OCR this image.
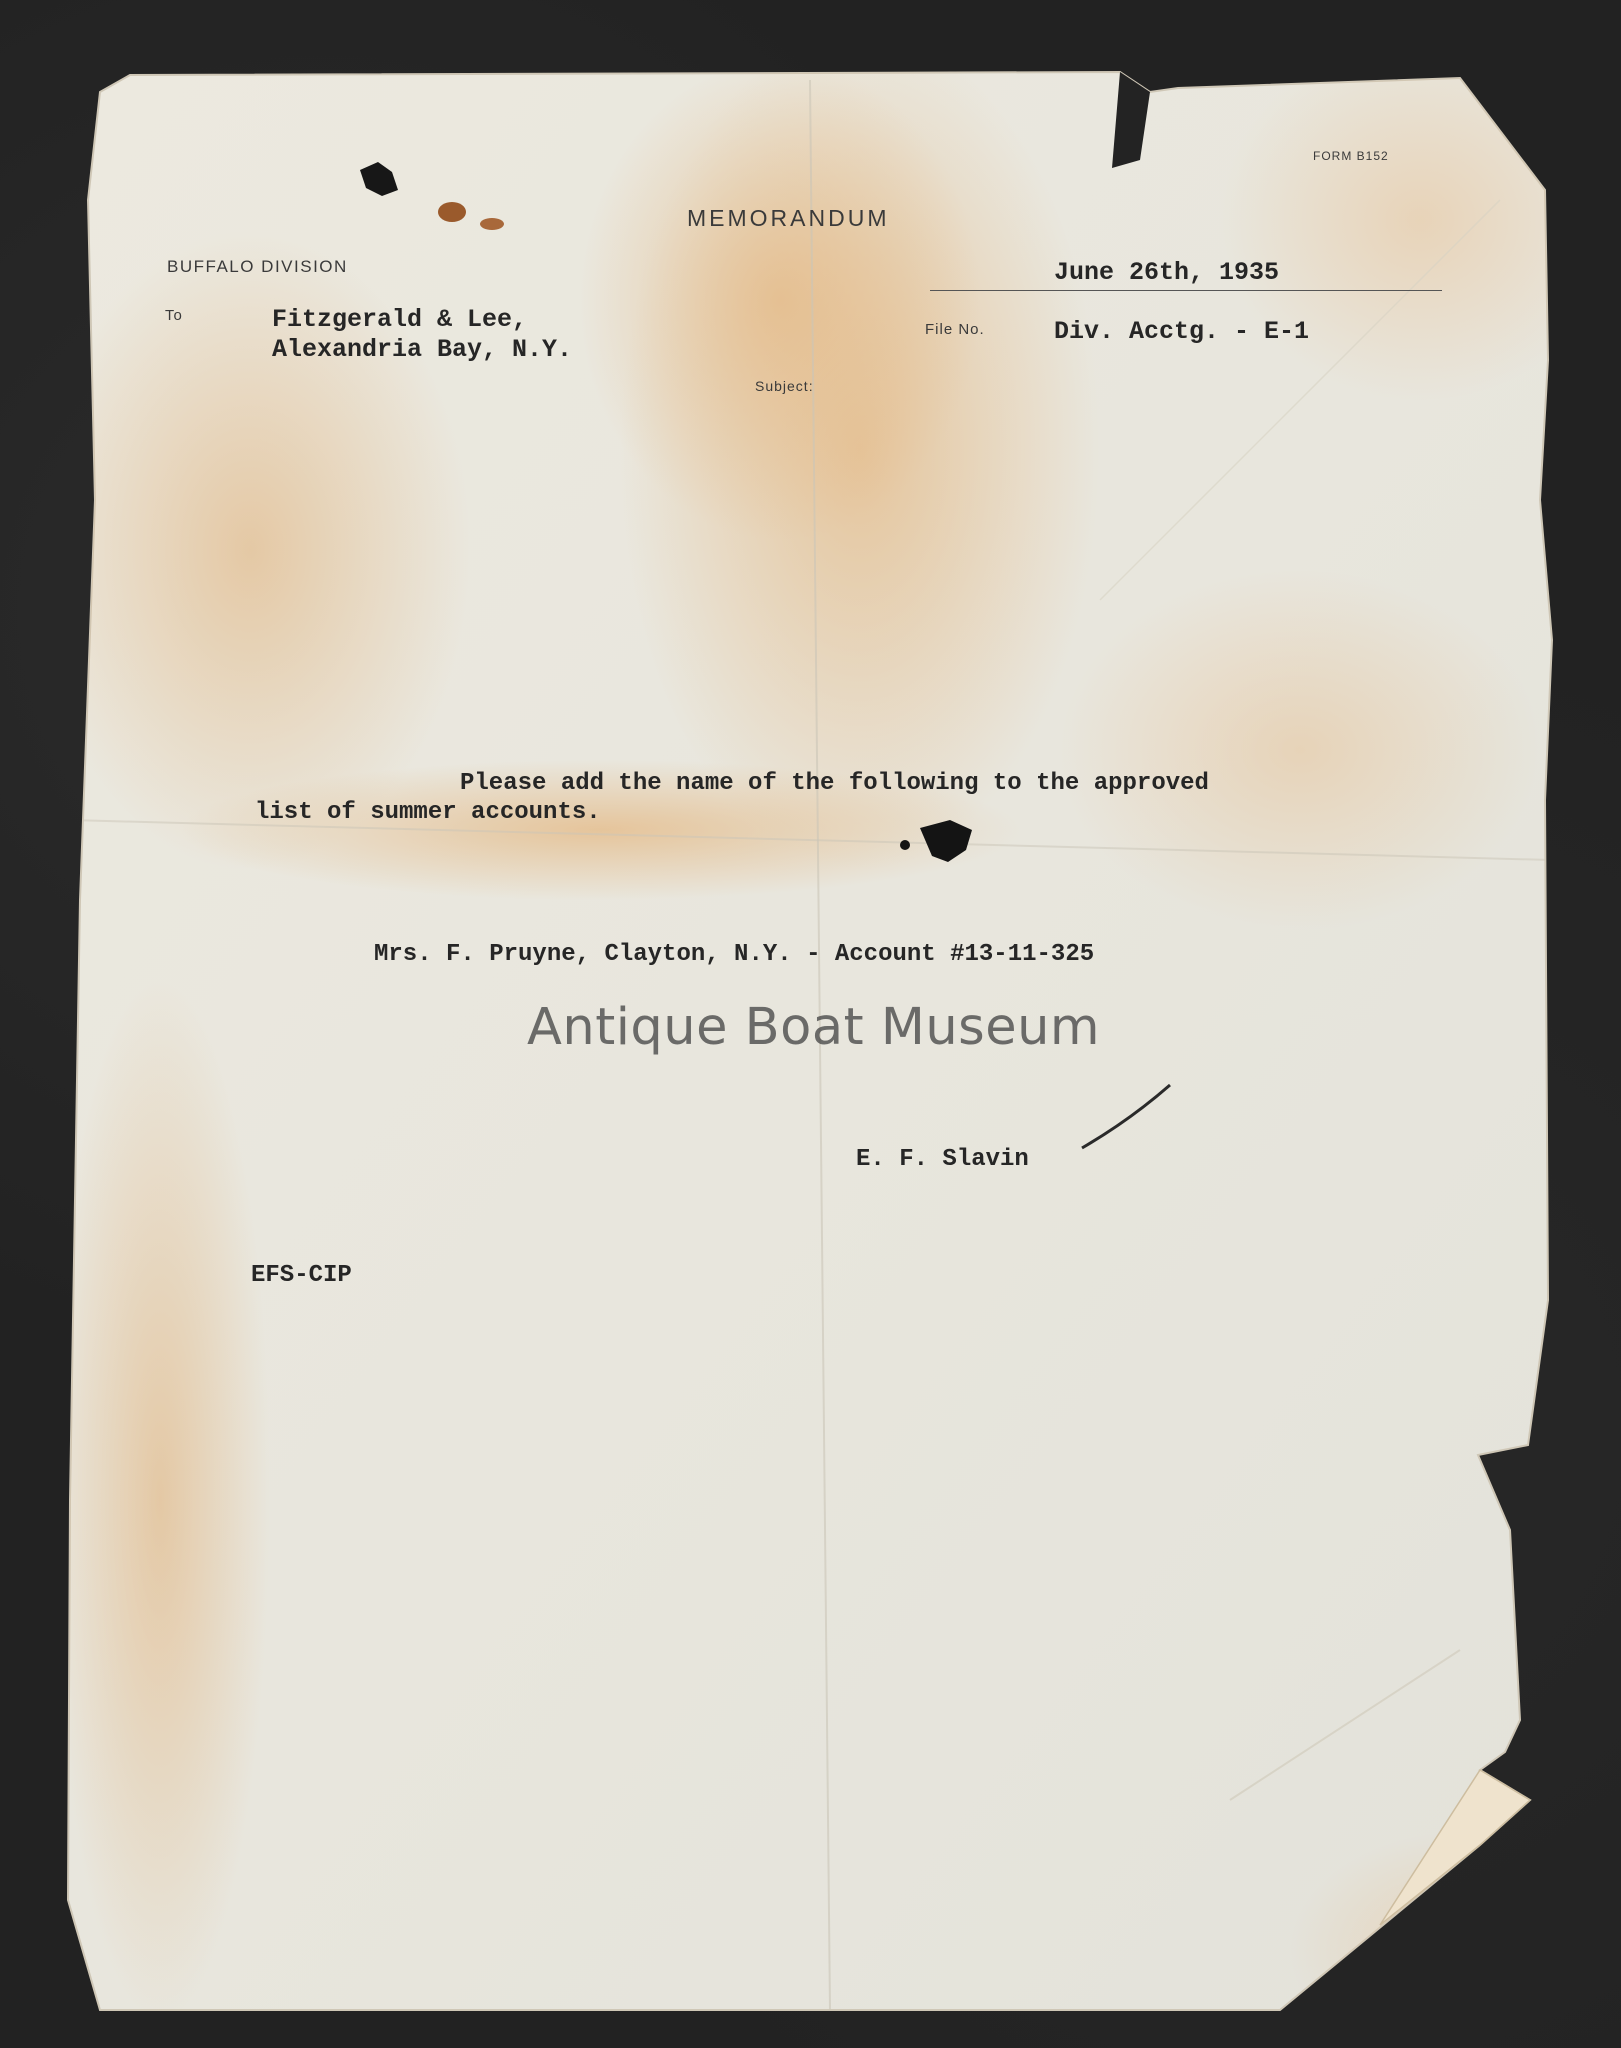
FORM B152
MEMORANDUM
BUFFALO DIVISION	June 26th, 1935
To	Fitzgerald & Lee,
Alexandria Bay, N.Y.
File No.	Div. Acctg. - E-1
Subject:
Please add the name of the following to the approved
list of summer accounts.
Mrs. F. Pruyne, Clayton, N.Y. - Account #13-11-325
Antique Boat Museum
E. F. Slavin
EFS-CIP
